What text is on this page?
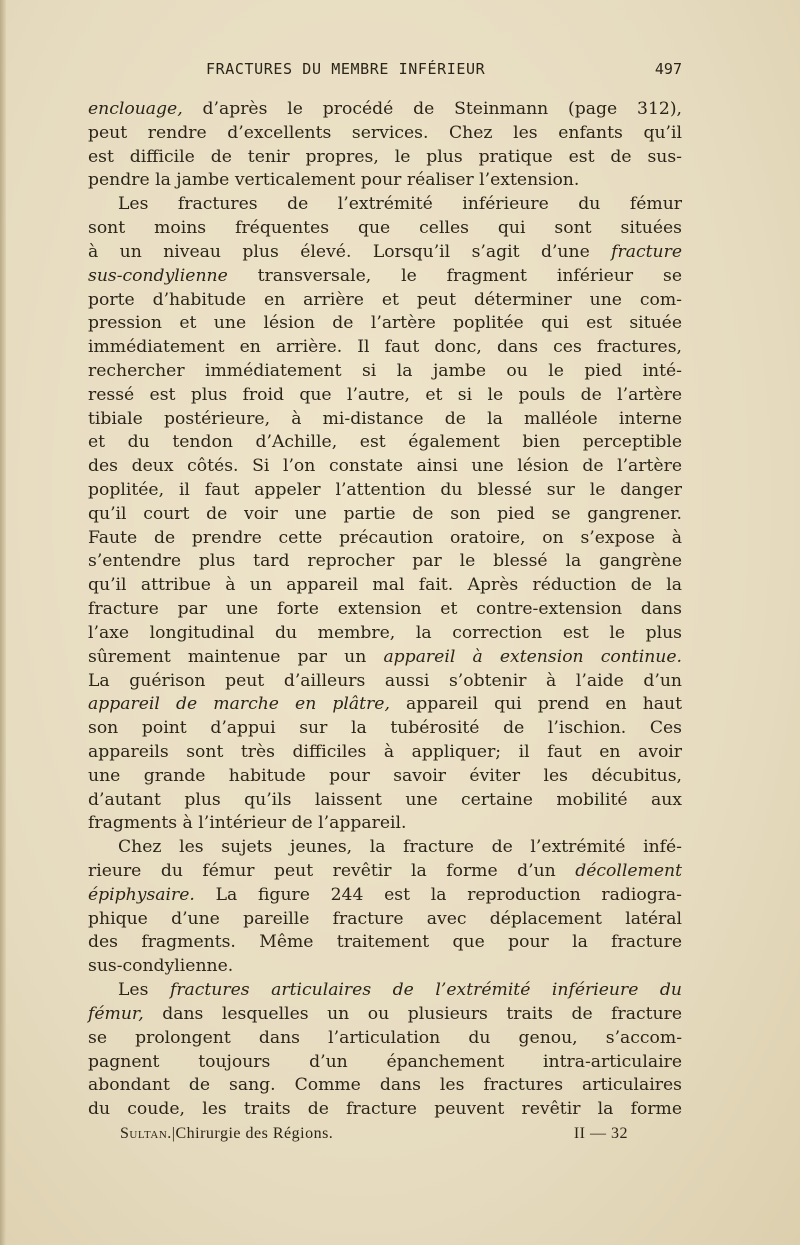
FRACTURES DU MEMBRE INFÉRIEUR	497
enclouage, d’après le procédé de Steinmann (page 312),
peut rendre d’excellents services. Chez les enfants qu’il
est difficile de tenir propres, le plus pratique est de sus-
pendre la jambe verticalement pour réaliser l’extension.
Les fractures de l’extrémité inférieure du fémur
sont moins fréquentes que celles qui sont situées
à un niveau plus élevé. Lorsqu’il s’agit d’une fracture
sus-condylienne transversale, le fragment inférieur se
porte d’habitude en arrière et peut déterminer une com-
pression et une lésion de l’artère poplitée qui est située
immédiatement en arrière. Il faut donc, dans ces fractures,
rechercher immédiatement si la jambe ou le pied inté-
ressé est plus froid que l’autre, et si le pouls de l’artère
tibiale postérieure, à mi-distance de la malléole interne
et du tendon d’Achille, est également bien perceptible
des deux côtés. Si l’on constate ainsi une lésion de l’artère
poplitée, il faut appeler l’attention du blessé sur le danger
qu’il court de voir une partie de son pied se gangrener.
Faute de prendre cette précaution oratoire, on s’expose à
s’entendre plus tard reprocher par le blessé la gangrène
qu’il attribue à un appareil mal fait. Après réduction de la
fracture par une forte extension et contre-extension dans
l’axe longitudinal du membre, la correction est le plus
sûrement maintenue par un appareil à extension continue.
La guérison peut d’ailleurs aussi s’obtenir à l’aide d’un
appareil de marche en plâtre, appareil qui prend en haut
son point d’appui sur la tubérosité de l’ischion. Ces
appareils sont très difficiles à appliquer; il faut en avoir
une grande habitude pour savoir éviter les décubitus,
d’autant plus qu’ils laissent une certaine mobilité aux
fragments à l’intérieur de l’appareil.
Chez les sujets jeunes, la fracture de l’extrémité infé-
rieure du fémur peut revêtir la forme d’un décollement
épiphysaire. La figure 244 est la reproduction radiogra-
phique d’une pareille fracture avec déplacement latéral
des fragments. Même traitement que pour la fracture
sus-condylienne.
Les fractures articulaires de l’extrémité inférieure du
fémur, dans lesquelles un ou plusieurs traits de fracture
se prolongent dans l’articulation du genou, s’accom-
pagnent toujours d’un épanchement intra-articulaire
abondant de sang. Comme dans les fractures articulaires
du coude, les traits de fracture peuvent revêtir la forme
Sultan.|Chirurgie des Régions.	II — 32
